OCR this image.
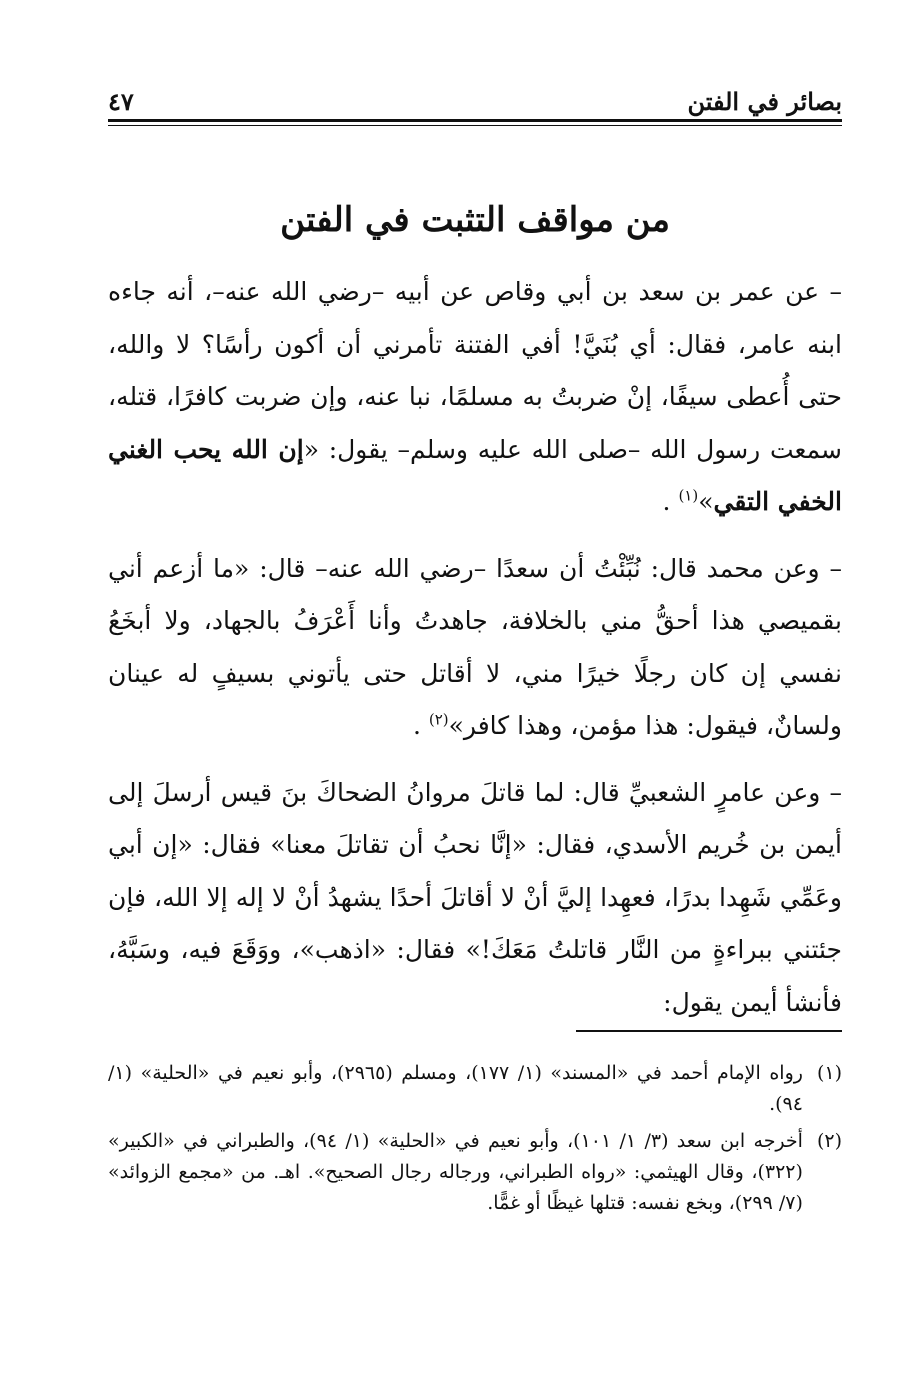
بصائر في الفتن
٤٧
من مواقف التثبت في الفتن

– عن عمر بن سعد بن أبي وقاص عن أبيه –رضي الله عنه–، أنه جاءه ابنه عامر، فقال: أي بُنَيَّ! أفي الفتنة تأمرني أن أكون رأسًا؟ لا والله، حتى أُعطى سيفًا، إنْ ضربتُ به مسلمًا، نبا عنه، وإن ضربت كافرًا، قتله، سمعت رسول الله –صلى الله عليه وسلم– يقول: «إن الله يحب الغني الخفي التقي»$^{(١)}$ .

– وعن محمد قال: نُبِّئْتُ أن سعدًا –رضي الله عنه– قال: «ما أزعم أني بقميصي هذا أحقُّ مني بالخلافة، جاهدتُ وأنا أَعْرَفُ بالجهاد، ولا أبخَعُ نفسي إن كان رجلًا خيرًا مني، لا أقاتل حتى يأتوني بسيفٍ له عينان ولسانٌ، فيقول: هذا مؤمن، وهذا كافر»$^{(٢)}$ .

– وعن عامرٍ الشعبيِّ قال: لما قاتلَ مروانُ الضحاكَ بنَ قيس أرسلَ إلى أيمن بن خُريم الأسدي، فقال: «إنَّا نحبُ أن تقاتلَ معنا» فقال: «إن أبي وعَمِّي شَهِدا بدرًا، فعهِدا إليَّ أنْ لا أقاتلَ أحدًا يشهدُ أنْ لا إله إلا الله، فإن جئتني ببراءةٍ من النَّار قاتلتُ مَعَكَ!» فقال: «اذهب»، ووَقَعَ فيه، وسَبَّهُ، فأنشأ أيمن يقول:

(١)
رواه الإمام أحمد في «المسند» (١/ ١٧٧)، ومسلم (٢٩٦٥)، وأبو نعيم في «الحلية» (١/ ٩٤).
(٢)
أخرجه ابن سعد (٣/ ١/ ١٠١)، وأبو نعيم في «الحلية» (١/ ٩٤)، والطبراني في «الكبير» (٣٢٢)، وقال الهيثمي: «رواه الطبراني، ورجاله رجال الصحيح». اهـ. من «مجمع الزوائد» (٧/ ٢٩٩)، وبخع نفسه: قتلها غيظًا أو غمًّا.
